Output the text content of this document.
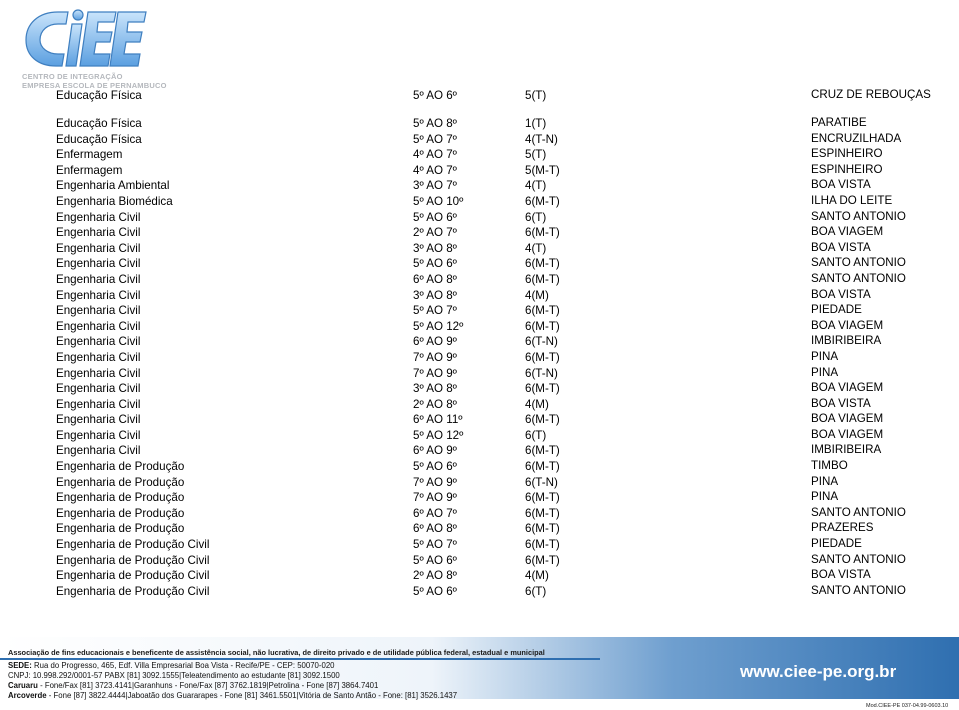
CENTRO DE INTEGRAÇÃO
EMPRESA ESCOLA DE PERNAMBUCO
Educação Física	5º AO 6º	5(T)	CRUZ DE REBOUÇAS
Educação Física	5º AO 8º	1(T)	PARATIBE
Educação Física	5º AO 7º	4(T-N)	ENCRUZILHADA
Enfermagem	4º AO 7º	5(T)	ESPINHEIRO
Enfermagem	4º AO 7º	5(M-T)	ESPINHEIRO
Engenharia Ambiental	3º AO 7º	4(T)	BOA VISTA
Engenharia Biomédica	5º AO 10º	6(M-T)	ILHA DO LEITE
Engenharia Civil	5º AO 6º	6(T)	SANTO ANTONIO
Engenharia Civil	2º AO 7º	6(M-T)	BOA VIAGEM
Engenharia Civil	3º AO 8º	4(T)	BOA VISTA
Engenharia Civil	5º AO 6º	6(M-T)	SANTO ANTONIO
Engenharia Civil	6º AO 8º	6(M-T)	SANTO ANTONIO
Engenharia Civil	3º AO 8º	4(M)	BOA VISTA
Engenharia Civil	5º AO 7º	6(M-T)	PIEDADE
Engenharia Civil	5º AO 12º	6(M-T)	BOA VIAGEM
Engenharia Civil	6º AO 9º	6(T-N)	IMBIRIBEIRA
Engenharia Civil	7º AO 9º	6(M-T)	PINA
Engenharia Civil	7º AO 9º	6(T-N)	PINA
Engenharia Civil	3º AO 8º	6(M-T)	BOA VIAGEM
Engenharia Civil	2º AO 8º	4(M)	BOA VISTA
Engenharia Civil	6º AO 11º	6(M-T)	BOA VIAGEM
Engenharia Civil	5º AO 12º	6(T)	BOA VIAGEM
Engenharia Civil	6º AO 9º	6(M-T)	IMBIRIBEIRA
Engenharia de Produção	5º AO 6º	6(M-T)	TIMBO
Engenharia de Produção	7º AO 9º	6(T-N)	PINA
Engenharia de Produção	7º AO 9º	6(M-T)	PINA
Engenharia de Produção	6º AO 7º	6(M-T)	SANTO ANTONIO
Engenharia de Produção	6º AO 8º	6(M-T)	PRAZERES
Engenharia de Produção Civil	5º AO 7º	6(M-T)	PIEDADE
Engenharia de Produção Civil	5º AO 6º	6(M-T)	SANTO ANTONIO
Engenharia de Produção Civil	2º AO 8º	4(M)	BOA VISTA
Engenharia de Produção Civil	5º AO 6º	6(T)	SANTO ANTONIO
Associação de fins educacionais e beneficente de assistência social, não lucrativa, de direito privado e de utilidade pública federal, estadual e municipal
SEDE: Rua do Progresso, 465, Edf. Villa Empresarial Boa Vista - Recife/PE - CEP: 50070-020
CNPJ: 10.998.292/0001-57 PABX [81] 3092.1555|Teleatendimento ao estudante [81] 3092.1500
Caruaru - Fone/Fax [81] 3723.4141|Garanhuns - Fone/Fax [87] 3762.1819|Petrolina - Fone [87] 3864.7401
Arcoverde - Fone [87] 3822.4444|Jaboatão dos Guararapes - Fone [81] 3461.5501|Vitória de Santo Antão - Fone: [81] 3526.1437
www.ciee-pe.org.br
Mod.CIEE-PE 037-04.99-0603.10
